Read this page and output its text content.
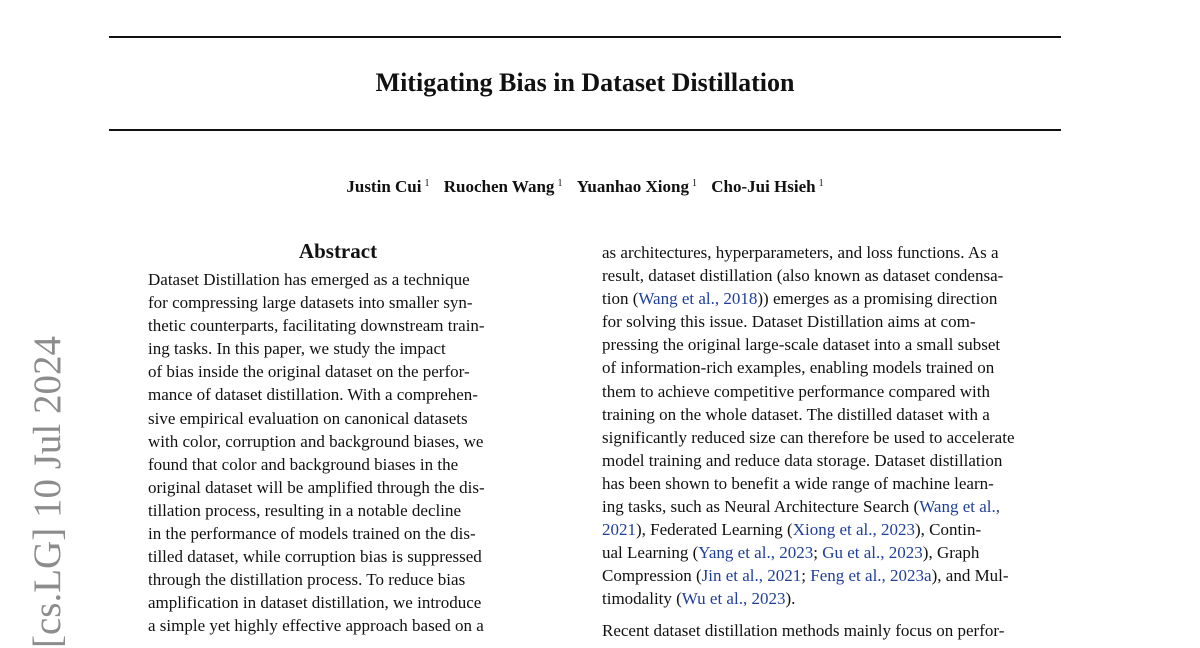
Mitigating Bias in Dataset Distillation
Justin Cui $^1$ Ruochen Wang $^1$ Yuanhao Xiong $^1$ Cho-Jui Hsieh $^1$
[cs.LG] 10 Jul 2024
Abstract
Dataset Distillation has emerged as a technique
for compressing large datasets into smaller syn-
thetic counterparts, facilitating downstream train-
ing tasks. In this paper, we study the impact
of bias inside the original dataset on the perfor-
mance of dataset distillation. With a comprehen-
sive empirical evaluation on canonical datasets
with color, corruption and background biases, we
found that color and background biases in the
original dataset will be amplified through the dis-
tillation process, resulting in a notable decline
in the performance of models trained on the dis-
tilled dataset, while corruption bias is suppressed
through the distillation process. To reduce bias
amplification in dataset distillation, we introduce
a simple yet highly effective approach based on a
as architectures, hyperparameters, and loss functions. As a
result, dataset distillation (also known as dataset condensa-
tion (Wang et al., 2018)) emerges as a promising direction
for solving this issue. Dataset Distillation aims at com-
pressing the original large-scale dataset into a small subset
of information-rich examples, enabling models trained on
them to achieve competitive performance compared with
training on the whole dataset. The distilled dataset with a
significantly reduced size can therefore be used to accelerate
model training and reduce data storage. Dataset distillation
has been shown to benefit a wide range of machine learn-
ing tasks, such as Neural Architecture Search (Wang et al.,
2021), Federated Learning (Xiong et al., 2023), Contin-
ual Learning (Yang et al., 2023; Gu et al., 2023), Graph
Compression (Jin et al., 2021; Feng et al., 2023a), and Mul-
timodality (Wu et al., 2023).
Recent dataset distillation methods mainly focus on perfor-
